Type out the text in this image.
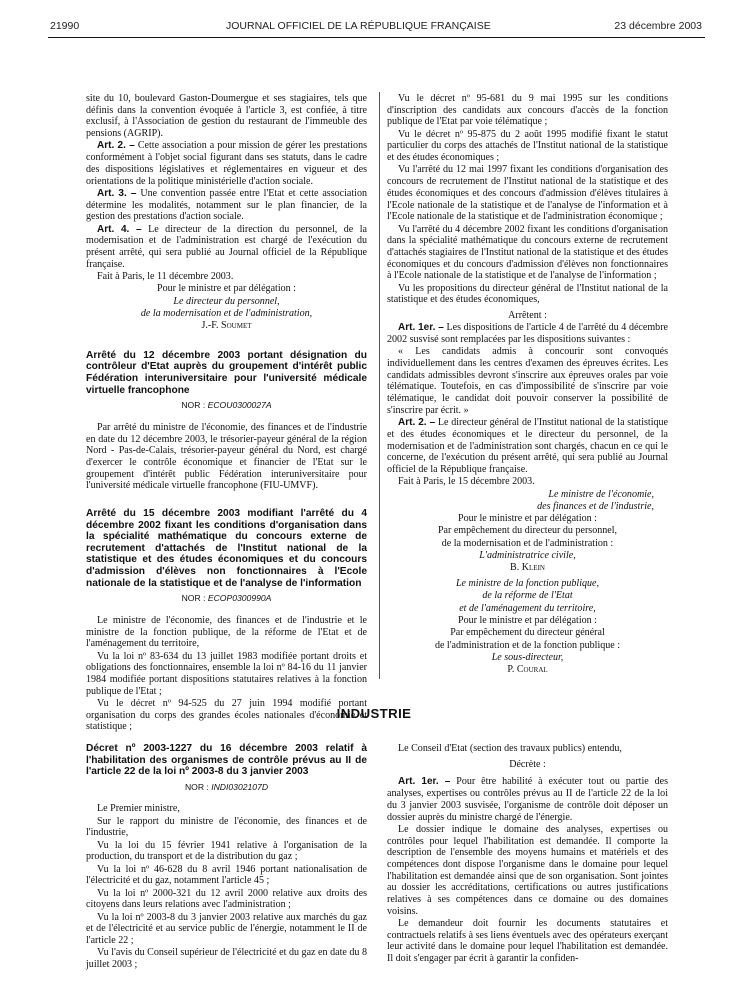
21990	JOURNAL OFFICIEL DE LA RÉPUBLIQUE FRANÇAISE	23 décembre 2003

site du 10, boulevard Gaston-Doumergue et ses stagiaires, tels que définis dans la convention évoquée à l'article 3, est confiée, à titre exclusif, à l'Association de gestion du restaurant de l'immeuble des pensions (AGRIP).

Art. 2. – Cette association a pour mission de gérer les prestations conformément à l'objet social figurant dans ses statuts, dans le cadre des dispositions législatives et réglementaires en vigueur et des orientations de la politique ministérielle d'action sociale.

Art. 3. – Une convention passée entre l'Etat et cette association détermine les modalités, notamment sur le plan financier, de la gestion des prestations d'action sociale.

Art. 4. – Le directeur de la direction du personnel, de la modernisation et de l'administration est chargé de l'exécution du présent arrêté, qui sera publié au Journal officiel de la République française.

Fait à Paris, le 11 décembre 2003.

Pour le ministre et par délégation :

Le directeur du personnel,

de la modernisation et de l'administration,

J.-F. Soumet

Arrêté du 12 décembre 2003 portant désignation du contrôleur d'Etat auprès du groupement d'intérêt public Fédération interuniversitaire pour l'université médicale virtuelle francophone
NOR : ECOU0300027A

Par arrêté du ministre de l'économie, des finances et de l'industrie en date du 12 décembre 2003, le trésorier-payeur général de la région Nord - Pas-de-Calais, trésorier-payeur général du Nord, est chargé d'exercer le contrôle économique et financier de l'Etat sur le groupement d'intérêt public Fédération interuniversitaire pour l'université médicale virtuelle francophone (FIU-UMVF).

Arrêté du 15 décembre 2003 modifiant l'arrêté du 4 décembre 2002 fixant les conditions d'organisation dans la spécialité mathématique du concours externe de recrutement d'attachés de l'Institut national de la statistique et des études économiques et du concours d'admission d'élèves non fonctionnaires à l'Ecole nationale de la statistique et de l'analyse de l'information
NOR : ECOP0300990A

Le ministre de l'économie, des finances et de l'industrie et le ministre de la fonction publique, de la réforme de l'Etat et de l'aménagement du territoire,

Vu la loi nº 83-634 du 13 juillet 1983 modifiée portant droits et obligations des fonctionnaires, ensemble la loi nº 84-16 du 11 janvier 1984 modifiée portant dispositions statutaires relatives à la fonction publique de l'Etat ;

Vu le décret nº 94-525 du 27 juin 1994 modifié portant organisation du corps des grandes écoles nationales d'économie et statistique ;

Vu le décret nº 95-681 du 9 mai 1995 sur les conditions d'inscription des candidats aux concours d'accès de la fonction publique de l'Etat par voie télématique ;

Vu le décret nº 95-875 du 2 août 1995 modifié fixant le statut particulier du corps des attachés de l'Institut national de la statistique et des études économiques ;

Vu l'arrêté du 12 mai 1997 fixant les conditions d'organisation des concours de recrutement de l'Institut national de la statistique et des études économiques et des concours d'admission d'élèves titulaires à l'Ecole nationale de la statistique et de l'analyse de l'information et à l'Ecole nationale de la statistique et de l'administration économique ;

Vu l'arrêté du 4 décembre 2002 fixant les conditions d'organisation dans la spécialité mathématique du concours externe de recrutement d'attachés stagiaires de l'Institut national de la statistique et des études économiques et du concours d'admission d'élèves non fonctionnaires à l'Ecole nationale de la statistique et de l'analyse de l'information ;

Vu les propositions du directeur général de l'Institut national de la statistique et des études économiques,

Arrêtent :

Art. 1er. – Les dispositions de l'article 4 de l'arrêté du 4 décembre 2002 susvisé sont remplacées par les dispositions suivantes :

« Les candidats admis à concourir sont convoqués individuellement dans les centres d'examen des épreuves écrites. Les candidats admissibles devront s'inscrire aux épreuves orales par voie télématique. Toutefois, en cas d'impossibilité de s'inscrire par voie télématique, le candidat doit pouvoir conserver la possibilité de s'inscrire par écrit. »

Art. 2. – Le directeur général de l'Institut national de la statistique et des études économiques et le directeur du personnel, de la modernisation et de l'administration sont chargés, chacun en ce qui le concerne, de l'exécution du présent arrêté, qui sera publié au Journal officiel de la République française.

Fait à Paris, le 15 décembre 2003.

Le ministre de l'économie,

des finances et de l'industrie,

Pour le ministre et par délégation :

Par empêchement du directeur du personnel,

de la modernisation et de l'administration :

L'administratrice civile,

B. Klein

Le ministre de la fonction publique,

de la réforme de l'Etat

et de l'aménagement du territoire,

Pour le ministre et par délégation :

Par empêchement du directeur général

de l'administration et de la fonction publique :

Le sous-directeur,

P. Coural

INDUSTRIE
Décret nº 2003-1227 du 16 décembre 2003 relatif à l'habilitation des organismes de contrôle prévus au II de l'article 22 de la loi nº 2003-8 du 3 janvier 2003
NOR : INDI0302107D

Le Premier ministre,

Sur le rapport du ministre de l'économie, des finances et de l'industrie,

Vu la loi du 15 février 1941 relative à l'organisation de la production, du transport et de la distribution du gaz ;

Vu la loi nº 46-628 du 8 avril 1946 portant nationalisation de l'électricité et du gaz, notamment l'article 45 ;

Vu la loi nº 2000-321 du 12 avril 2000 relative aux droits des citoyens dans leurs relations avec l'administration ;

Vu la loi nº 2003-8 du 3 janvier 2003 relative aux marchés du gaz et de l'électricité et au service public de l'énergie, notamment le II de l'article 22 ;

Vu l'avis du Conseil supérieur de l'électricité et du gaz en date du 8 juillet 2003 ;

Le Conseil d'Etat (section des travaux publics) entendu,

Décrète :

Art. 1er. – Pour être habilité à exécuter tout ou partie des analyses, expertises ou contrôles prévus au II de l'article 22 de la loi du 3 janvier 2003 susvisée, l'organisme de contrôle doit déposer un dossier auprès du ministre chargé de l'énergie.

Le dossier indique le domaine des analyses, expertises ou contrôles pour lequel l'habilitation est demandée. Il comporte la description de l'ensemble des moyens humains et matériels et des compétences dont dispose l'organisme dans le domaine pour lequel l'habilitation est demandée ainsi que de son organisation. Sont jointes au dossier les accréditations, certifications ou autres justifications relatives à ses compétences dans ce domaine ou des domaines voisins.

Le demandeur doit fournir les documents statutaires et contractuels relatifs à ses liens éventuels avec des opérateurs exerçant leur activité dans le domaine pour lequel l'habilitation est demandée. Il doit s'engager par écrit à garantir la confiden-
